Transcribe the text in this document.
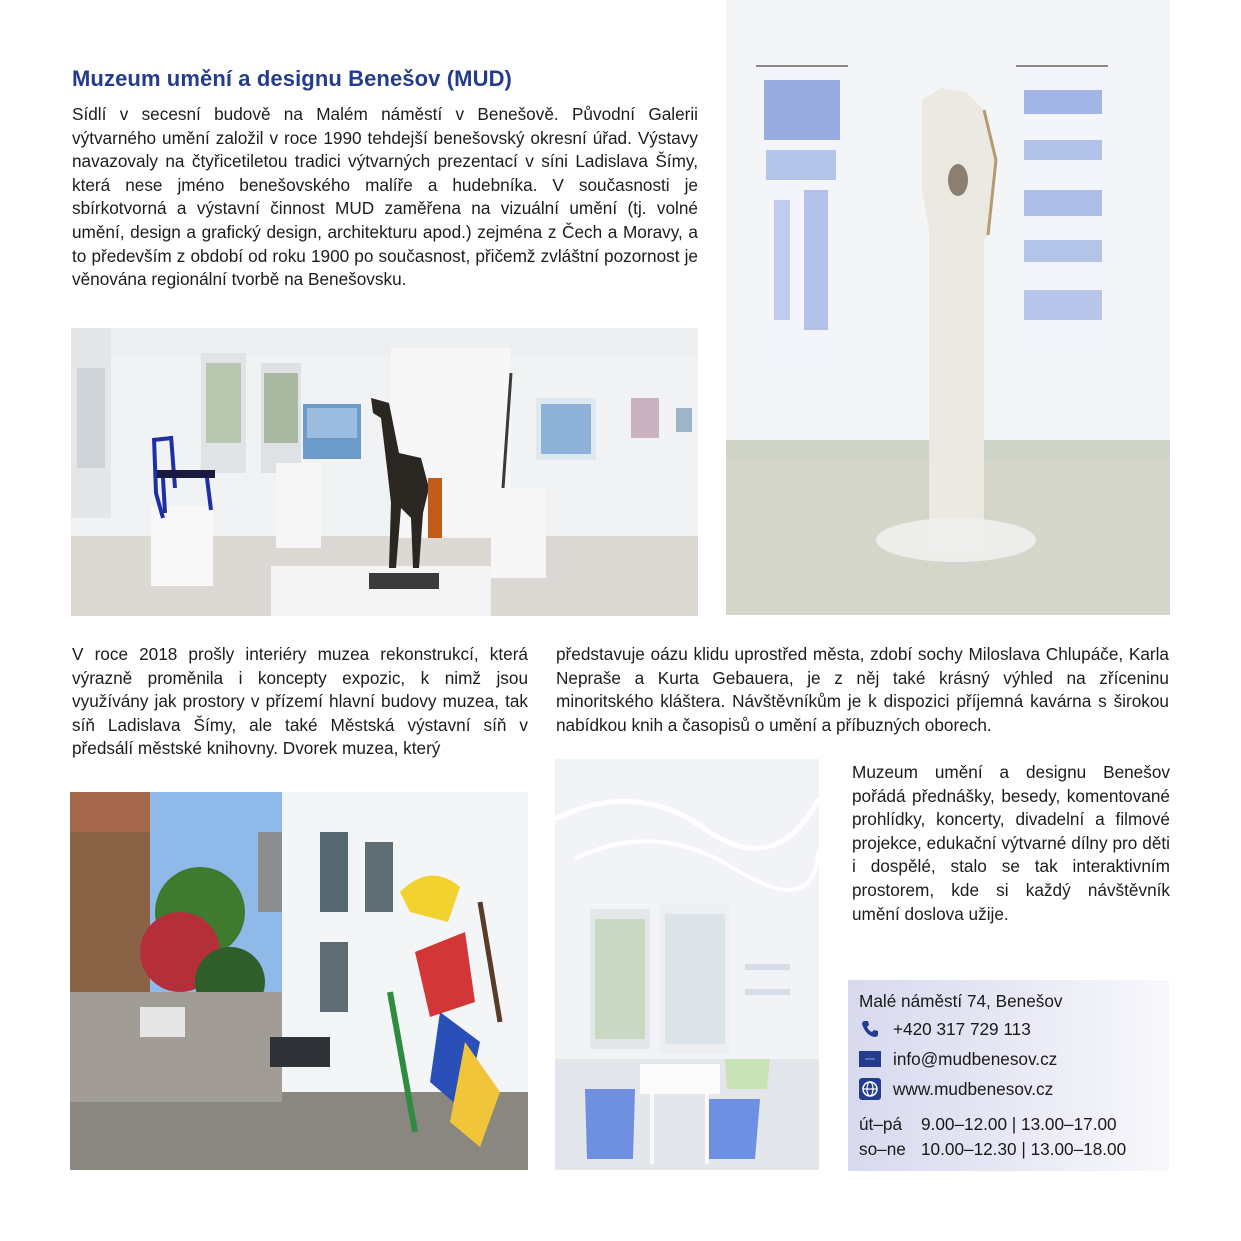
Muzeum umění a designu Benešov (MUD)

Sídlí v secesní budově na Malém náměstí v Benešově. Původní Galerii výtvarného umění založil v roce 1990 tehdejší benešovský okresní úřad. Výstavy navazovaly na čtyřicetiletou tradici výtvarných prezentací v síni Ladislava Šímy, která nese jméno benešovského malíře a hudebníka. V současnosti je sbírkotvorná a výstavní činnost MUD zaměřena na vizuální umění (tj. volné umění, design a grafický design, architekturu apod.) zejména z Čech a Moravy, a to především z období od roku 1900 po současnost, přičemž zvláštní pozornost je věnována regionální tvorbě na Benešovsku.

V roce 2018 prošly interiéry muzea rekonstrukcí, která výrazně proměnila i koncepty expozic, k nimž jsou využívány jak prostory v přízemí hlavní budovy muzea, tak síň Ladislava Šímy, ale také Městská výstavní síň v předsálí městské knihovny. Dvorek muzea, který

představuje oázu klidu uprostřed města, zdobí sochy Miloslava Chlupáče, Karla Nepraše a Kurta Gebauera, je z něj také krásný výhled na zříceninu minoritského kláštera. Návštěvníkům je k dispozici příjemná kavárna s širokou nabídkou knih a časopisů o umění a příbuzných oborech.

Muzeum umění a designu Benešov pořádá přednášky, besedy, komentované prohlídky, koncerty, divadelní a filmové projekce, edukační výtvarné dílny pro děti i dospělé, stalo se tak interaktivním prostorem, kde si každý návštěvník umění doslova užije.

Malé náměstí 74, Benešov
+420 317 729 113
info@mudbenesov.cz
www.mudbenesov.cz
út–pá 9.00–12.00 | 13.00–17.00
so–ne 10.00–12.30 | 13.00–18.00
